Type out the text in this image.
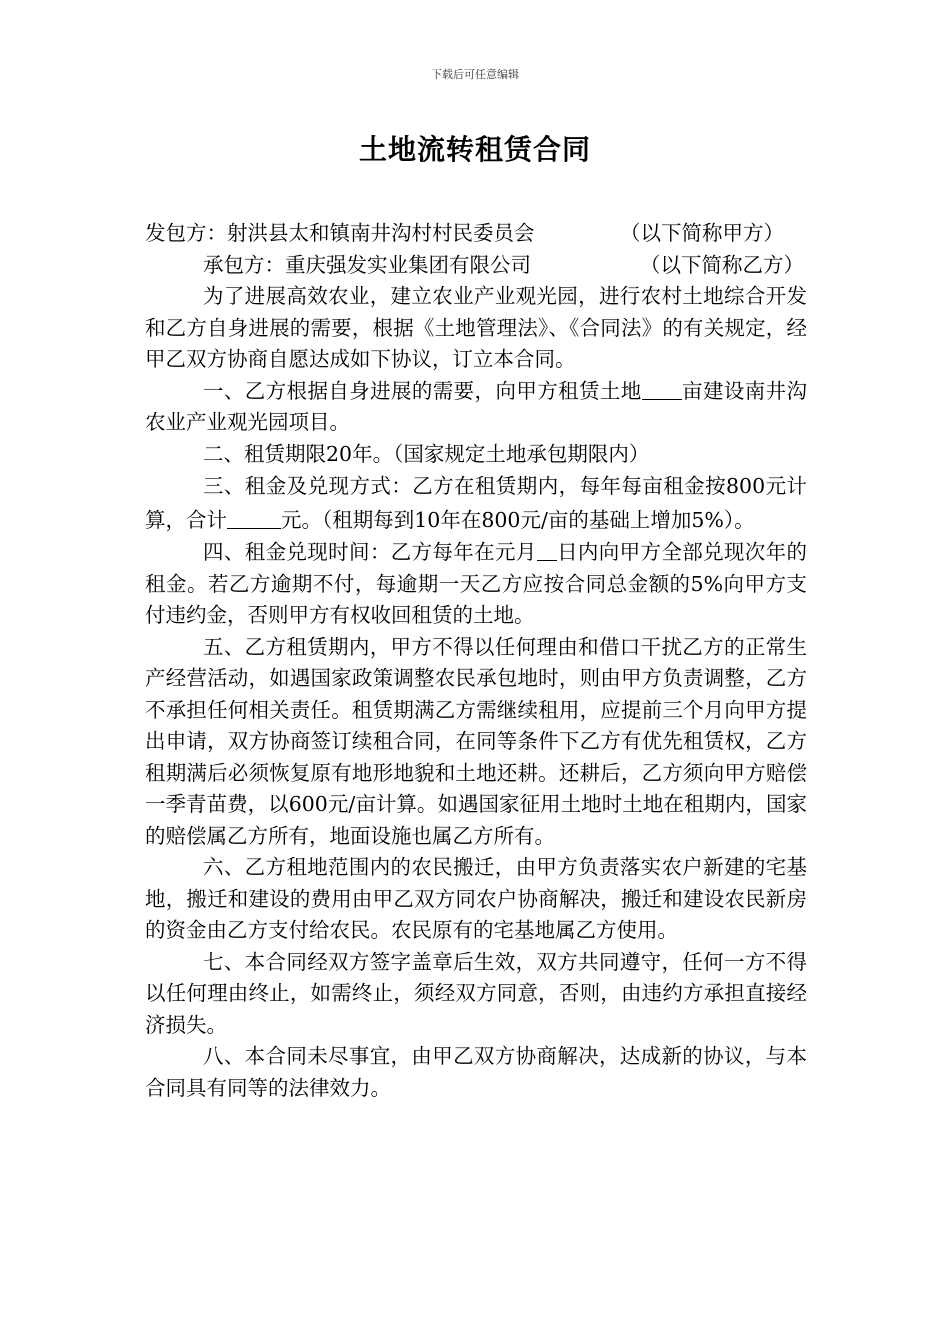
下载后可任意编辑
土地流转租赁合同
发包方：射洪县太和镇南井沟村村民委员会	（以下简称甲方）
承包方：重庆强发实业集团有限公司	（以下简称乙方）

为了进展高效农业，建立农业产业观光园，进行农村土地综合开发和乙方自身进展的需要，根据《土地管理法》、《合同法》的有关规定，经甲乙双方协商自愿达成如下协议，订立本合同。

一、乙方根据自身进展的需要，向甲方租赁土地 亩建设南井沟农业产业观光园项目。

二、租赁期限20年。（国家规定土地承包期限内）

三、租金及兑现方式：乙方在租赁期内，每年每亩租金按800元计算，合计	元。（租期每到10年在800元/亩的基础上增加5%）。

四、租金兑现时间：乙方每年在元月 日内向甲方全部兑现次年的租金。若乙方逾期不付，每逾期一天乙方应按合同总金额的5%向甲方支付违约金，否则甲方有权收回租赁的土地。

五、乙方租赁期内，甲方不得以任何理由和借口干扰乙方的正常生产经营活动，如遇国家政策调整农民承包地时，则由甲方负责调整，乙方不承担任何相关责任。租赁期满乙方需继续租用，应提前三个月向甲方提出申请，双方协商签订续租合同，在同等条件下乙方有优先租赁权，乙方租期满后必须恢复原有地形地貌和土地还耕。还耕后，乙方须向甲方赔偿一季青苗费，以600元/亩计算。如遇国家征用土地时土地在租期内，国家的赔偿属乙方所有，地面设施也属乙方所有。

六、乙方租地范围内的农民搬迁，由甲方负责落实农户新建的宅基地，搬迁和建设的费用由甲乙双方同农户协商解决，搬迁和建设农民新房的资金由乙方支付给农民。农民原有的宅基地属乙方使用。

七、本合同经双方签字盖章后生效，双方共同遵守，任何一方不得以任何理由终止，如需终止，须经双方同意，否则，由违约方承担直接经济损失。

八、本合同未尽事宜，由甲乙双方协商解决，达成新的协议，与本合同具有同等的法律效力。
